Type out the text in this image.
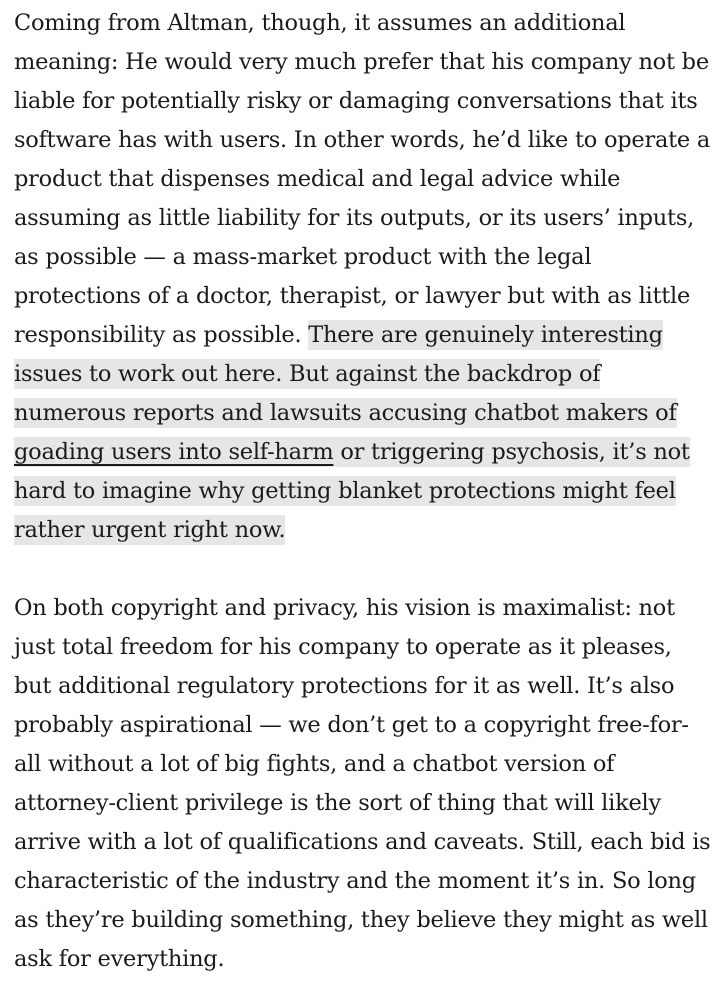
Coming from Altman, though, it assumes an additional meaning: He would very much prefer that his company not be liable for potentially risky or damaging conversations that its software has with users. In other words, he’d like to operate a product that dispenses medical and legal advice while assuming as little liability for its outputs, or its users’ inputs, as possible — a mass-market product with the legal protections of a doctor, therapist, or lawyer but with as little responsibility as possible. There are genuinely interesting issues to work out here. But against the backdrop of numerous reports and lawsuits accusing chatbot makers of goading users into self-harm or triggering psychosis, it’s not hard to imagine why getting blanket protections might feel rather urgent right now.

On both copyright and privacy, his vision is maximalist: not just total freedom for his company to operate as it pleases, but additional regulatory protections for it as well. It’s also probably aspirational — we don’t get to a copyright free-for-all without a lot of big fights, and a chatbot version of attorney-client privilege is the sort of thing that will likely arrive with a lot of qualifications and caveats. Still, each bid is characteristic of the industry and the moment it’s in. So long as they’re building something, they believe they might as well ask for everything.
